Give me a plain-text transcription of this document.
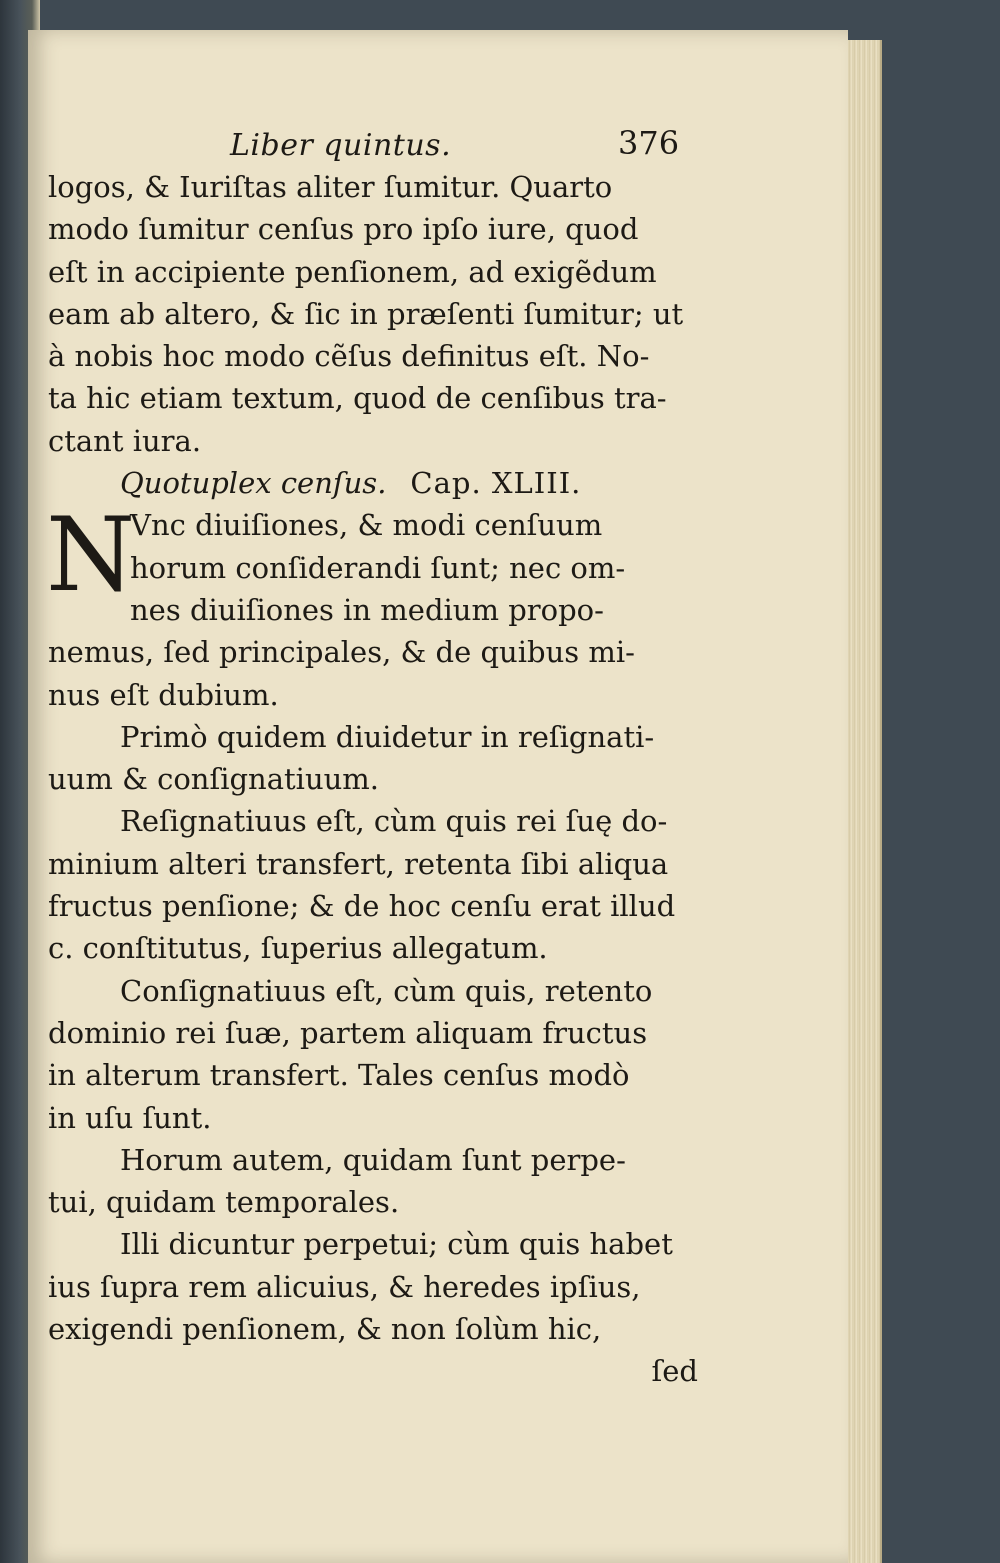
Liber quintus.	376
logos, & Iuriſtas aliter ſumitur. Quarto
modo ſumitur cenſus pro ipſo iure, quod
eſt in accipiente penſionem, ad exigẽdum
eam ab altero, & ſic in præſenti ſumitur; ut
à nobis hoc modo cẽſus definitus eſt. No-
ta hic etiam textum, quod de cenſibus tra-
ctant iura.
Quotuplex cenſus. Cap. XLIII.
N
Vnc diuiſiones, & modi cenſuum
horum conſiderandi ſunt; nec om-
nes diuiſiones in medium propo-
nemus, ſed principales, & de quibus mi-
nus eſt dubium.
Primò quidem diuidetur in reſignati-
uum & conſignatiuum.
Reſignatiuus eſt, cùm quis rei ſuę do-
minium alteri transfert, retenta ſibi aliqua
fructus penſione; & de hoc cenſu erat illud
c. conſtitutus, ſuperius allegatum.
Conſignatiuus eſt, cùm quis, retento
dominio rei ſuæ, partem aliquam fructus
in alterum transfert. Tales cenſus modò
in uſu ſunt.
Horum autem, quidam ſunt perpe-
tui, quidam temporales.
Illi dicuntur perpetui; cùm quis habet
ius ſupra rem alicuius, & heredes ipſius,
exigendi penſionem, & non ſolùm hic,
ſed
